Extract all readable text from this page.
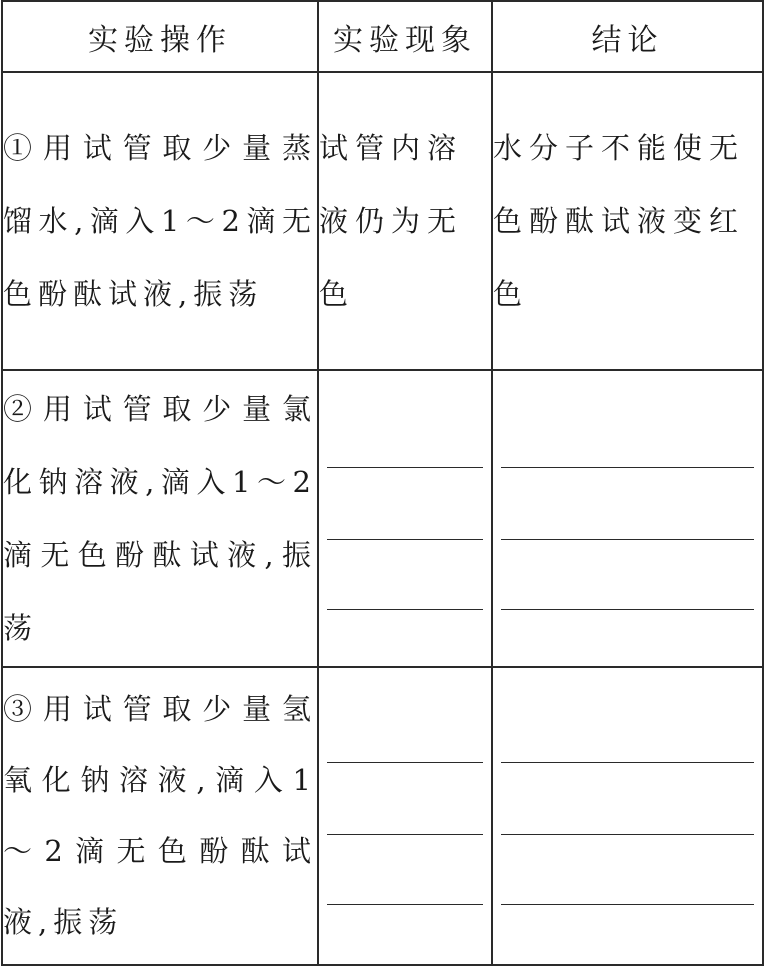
实验操作	实验现象	结论
①用试管取少量蒸馏水,滴入1～2滴无色酚酞试液,振荡	试管内溶液仍为无色	水分子不能使无色酚酞试液变红色
②用试管取少量氯化钠溶液,滴入1～2滴无色酚酞试液,振荡	

③用试管取少量氢氧化钠溶液,滴入1～2滴无色酚酞试液,振荡	
